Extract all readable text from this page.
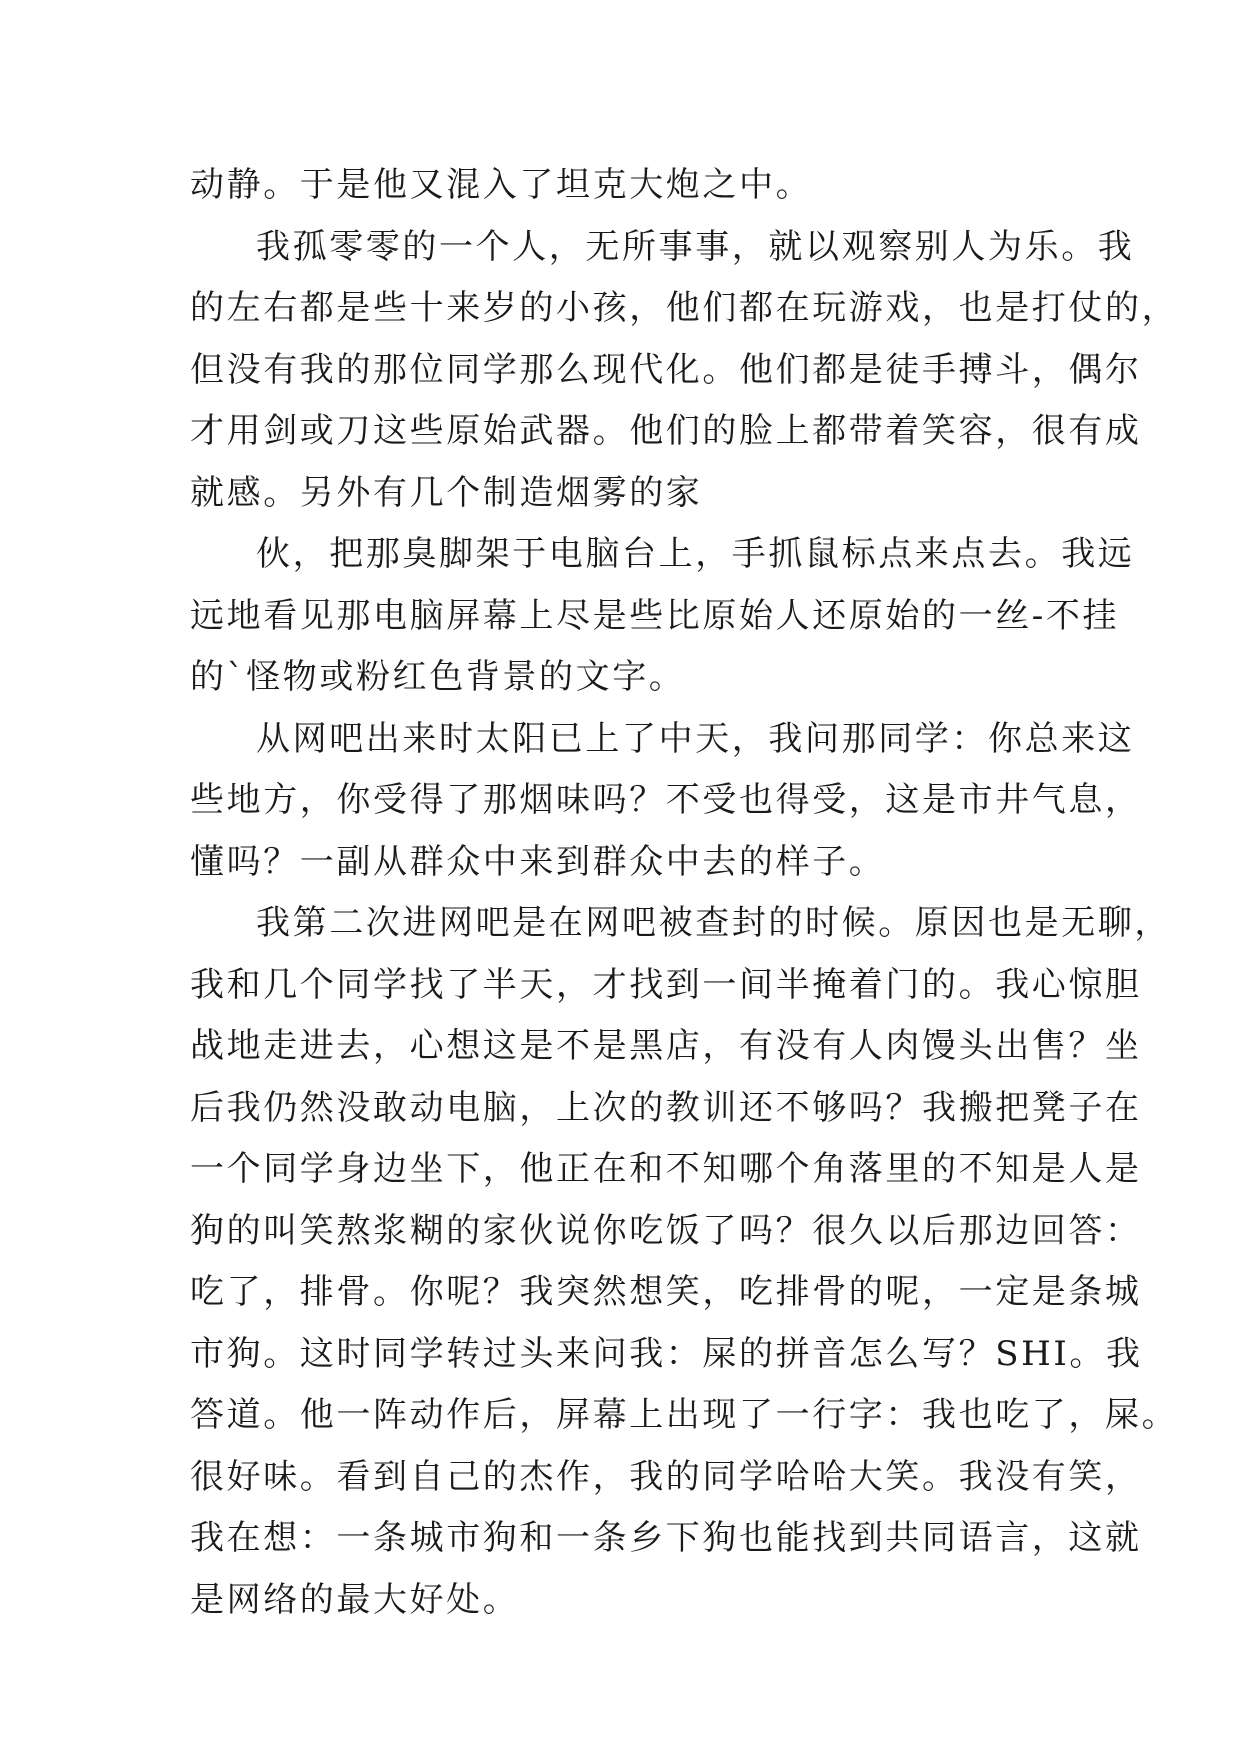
动静。于是他又混入了坦克大炮之中。
我孤零零的一个人，无所事事，就以观察别人为乐。我
的左右都是些十来岁的小孩，他们都在玩游戏，也是打仗的，
但没有我的那位同学那么现代化。他们都是徒手搏斗，偶尔
才用剑或刀这些原始武器。他们的脸上都带着笑容，很有成
就感。另外有几个制造烟雾的家
伙，把那臭脚架于电脑台上，手抓鼠标点来点去。我远
远地看见那电脑屏幕上尽是些比原始人还原始的一丝-不挂
的`怪物或粉红色背景的文字。
从网吧出来时太阳已上了中天，我问那同学：你总来这
些地方，你受得了那烟味吗？不受也得受，这是市井气息，
懂吗？一副从群众中来到群众中去的样子。
我第二次进网吧是在网吧被查封的时候。原因也是无聊，
我和几个同学找了半天，才找到一间半掩着门的。我心惊胆
战地走进去，心想这是不是黑店，有没有人肉馒头出售？坐
后我仍然没敢动电脑，上次的教训还不够吗？我搬把凳子在
一个同学身边坐下，他正在和不知哪个角落里的不知是人是
狗的叫笑熬浆糊的家伙说你吃饭了吗？很久以后那边回答：
吃了，排骨。你呢？我突然想笑，吃排骨的呢，一定是条城
市狗。这时同学转过头来问我：屎的拼音怎么写？SHI。我
答道。他一阵动作后，屏幕上出现了一行字：我也吃了，屎。
很好味。看到自己的杰作，我的同学哈哈大笑。我没有笑，
我在想：一条城市狗和一条乡下狗也能找到共同语言，这就
是网络的最大好处。
